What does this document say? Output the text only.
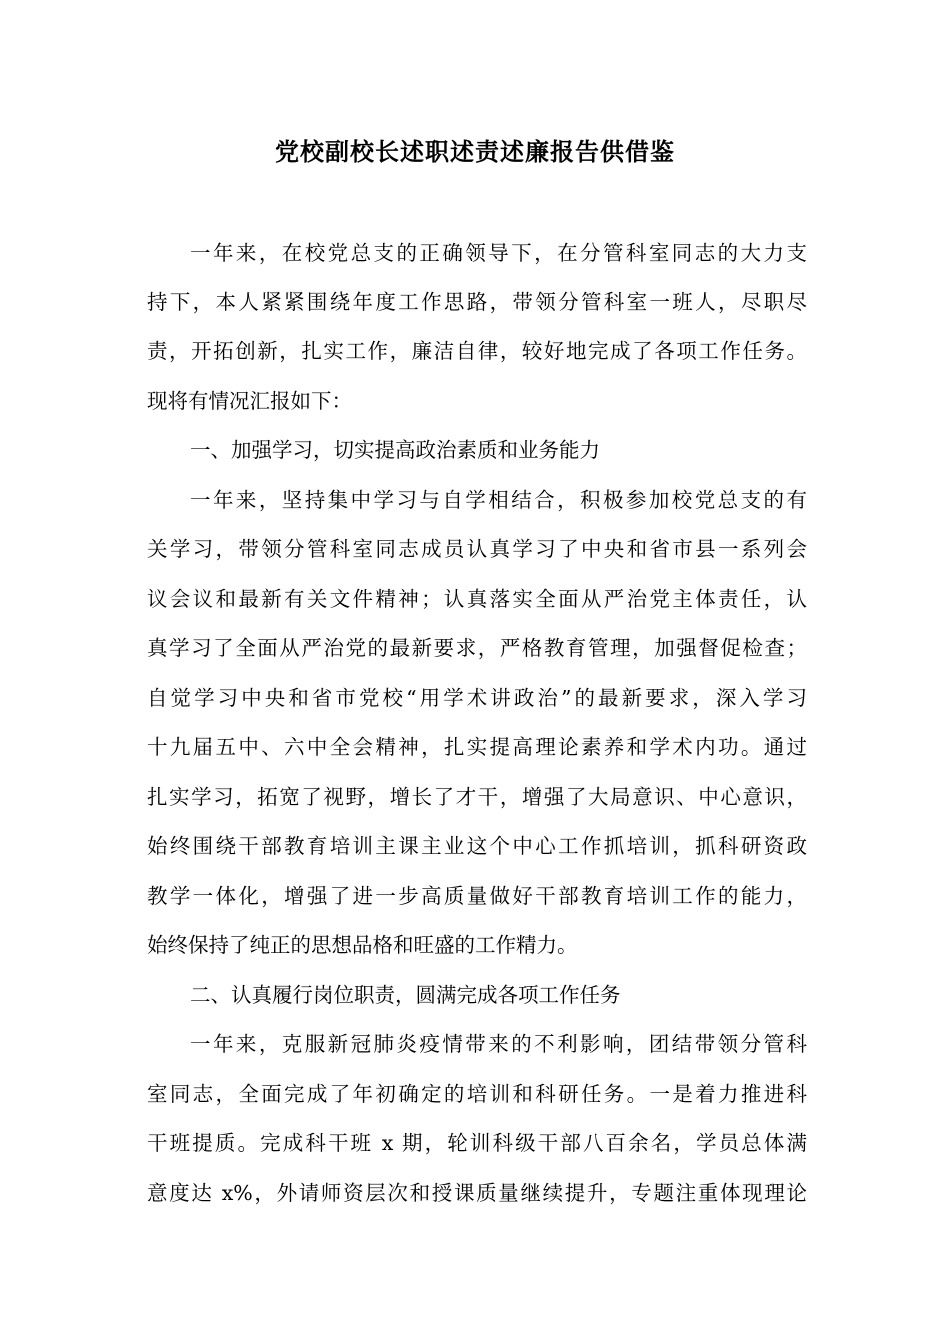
党校副校长述职述责述廉报告供借鉴
一年来，在校党总支的正确领导下，在分管科室同志的大力支
持下，本人紧紧围绕年度工作思路，带领分管科室一班人，尽职尽
责，开拓创新，扎实工作，廉洁自律，较好地完成了各项工作任务。
现将有情况汇报如下：
一、加强学习，切实提高政治素质和业务能力
一年来，坚持集中学习与自学相结合，积极参加校党总支的有
关学习，带领分管科室同志成员认真学习了中央和省市县一系列会
议会议和最新有关文件精神；认真落实全面从严治党主体责任，认
真学习了全面从严治党的最新要求，严格教育管理，加强督促检查；
自觉学习中央和省市党校“用学术讲政治”的最新要求，深入学习
十九届五中、六中全会精神，扎实提高理论素养和学术内功。通过
扎实学习，拓宽了视野，增长了才干，增强了大局意识、中心意识，
始终围绕干部教育培训主课主业这个中心工作抓培训，抓科研资政
教学一体化，增强了进一步高质量做好干部教育培训工作的能力，
始终保持了纯正的思想品格和旺盛的工作精力。
二、认真履行岗位职责，圆满完成各项工作任务
一年来，克服新冠肺炎疫情带来的不利影响，团结带领分管科
室同志，全面完成了年初确定的培训和科研任务。一是着力推进科
干班提质。完成科干班 x 期，轮训科级干部八百余名，学员总体满
意度达 x%，外请师资层次和授课质量继续提升，专题注重体现理论
